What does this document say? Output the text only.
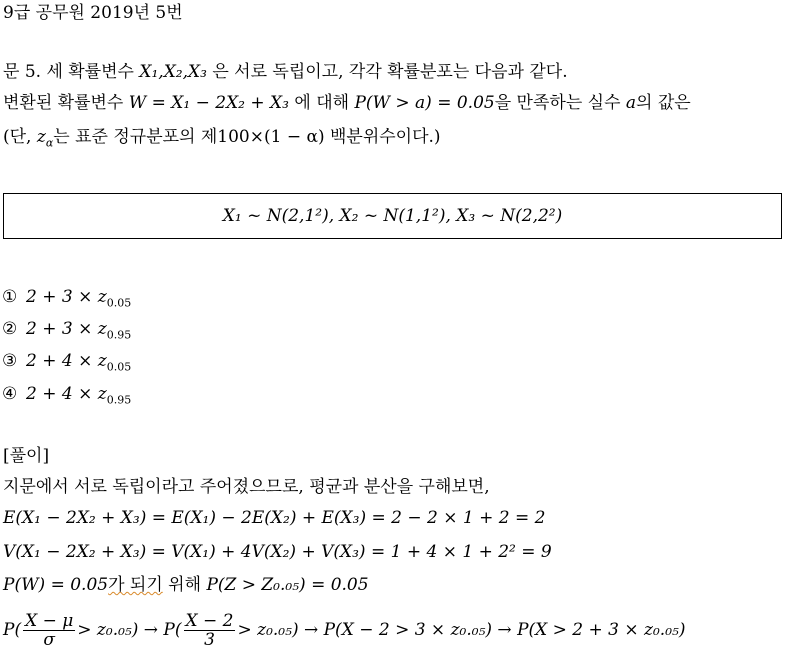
9급 공무원 2019년 5번
문 5. 세 확률변수 X₁,X₂,X₃ 은 서로 독립이고, 각각 확률분포는 다음과 같다.
변환된 확률변수 W = X₁ − 2X₂ + X₃ 에 대해 P(W > a) = 0.05을 만족하는 실수 a의 값은
(단, $z_\alpha$는 표준 정규분포의 제100×(1 − α) 백분위수이다.)
X₁ ~ N(2,1²), X₂ ~ N(1,1²), X₃ ~ N(2,2²)
① $2 + 3 \times z_{0.05}$
② $2 + 3 \times z_{0.95}$
③ $2 + 4 \times z_{0.05}$
④ $2 + 4 \times z_{0.95}$
[풀이]
지문에서 서로 독립이라고 주어졌으므로, 평균과 분산을 구해보면,
E(X₁ − 2X₂ + X₃) = E(X₁) − 2E(X₂) + E(X₃) = 2 − 2 × 1 + 2 = 2
V(X₁ − 2X₂ + X₃) = V(X₁) + 4V(X₂) + V(X₃) = 1 + 4 × 1 + 2² = 9
P(W) = 0.05가 되기 위해 P(Z > Z₀.₀₅) = 0.05
$P( \frac{X - \mu}{\sigma} > z_0._{05}) \to P( \frac{X - 2}{3} > z_0._{05}) \to P(X - 2 > 3 \times z_0._{05}) \to P(X > 2 + 3 \times z_0._{05})$
